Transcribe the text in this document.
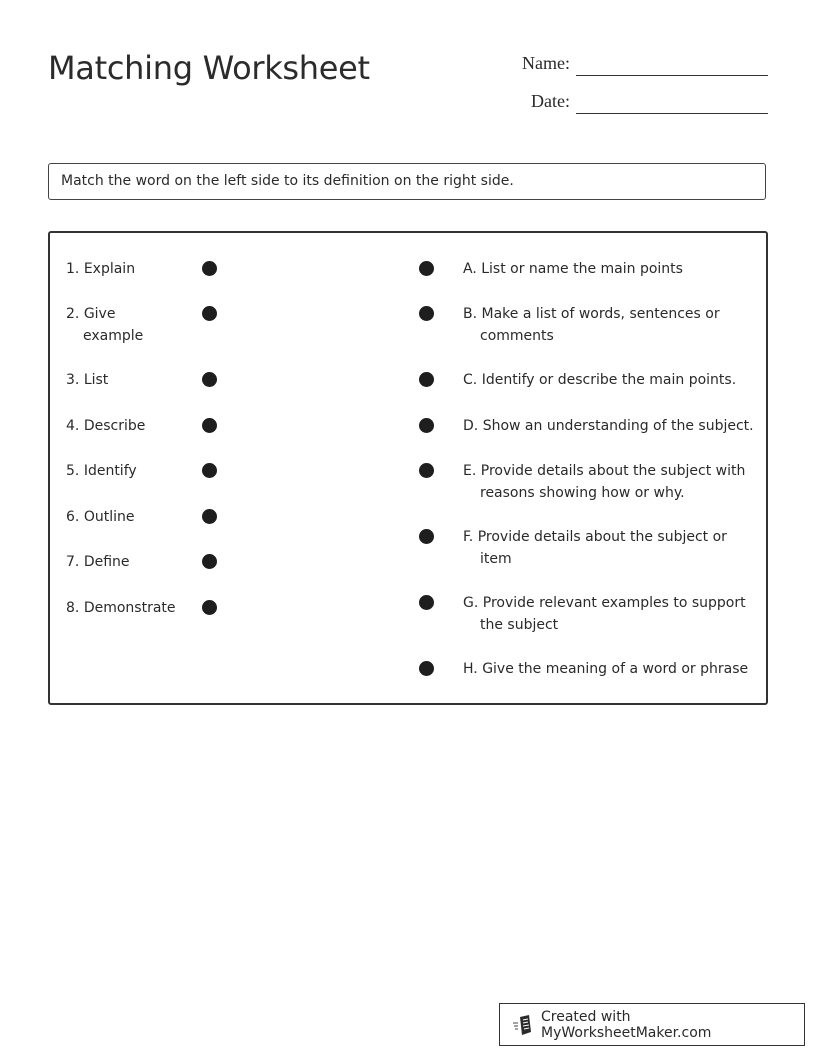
Matching Worksheet	Name:
Date:
Match the word on the left side to its definition on the right side.
1. Explain
2. Give example
3. List
4. Describe
5. Identify
6. Outline
7. Define
8. Demonstrate
A. List or name the main points
B. Make a list of words, sentences or comments
C. Identify or describe the main points.
D. Show an understanding of the subject.
E. Provide details about the subject with reasons showing how or why.
F. Provide details about the subject or item
G. Provide relevant examples to support the subject
H. Give the meaning of a word or phrase
Created with MyWorksheetMaker.com
